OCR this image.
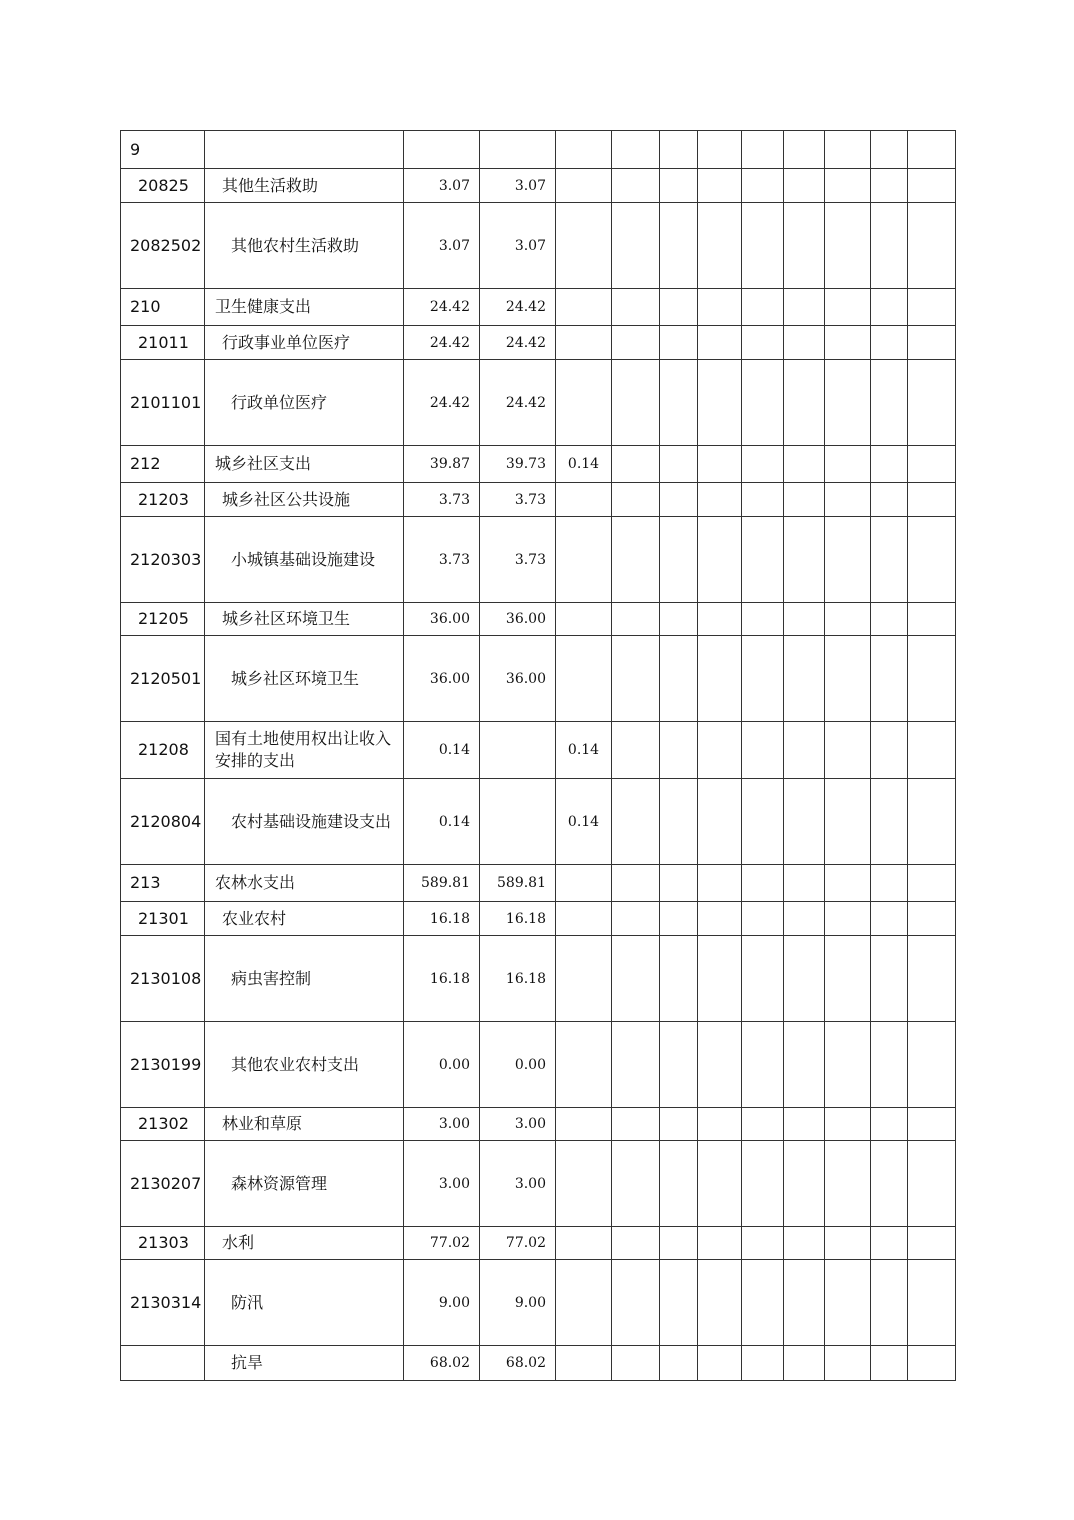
9												
20825	其他生活救助	3.07	3.07									
2082502	其他农村生活救助	3.07	3.07									
210	卫生健康支出	24.42	24.42									
21011	行政事业单位医疗	24.42	24.42									
2101101	行政单位医疗	24.42	24.42									
212	城乡社区支出	39.87	39.73	0.14								
21203	城乡社区公共设施	3.73	3.73									
2120303	小城镇基础设施建设	3.73	3.73									
21205	城乡社区环境卫生	36.00	36.00									
2120501	城乡社区环境卫生	36.00	36.00									
21208	国有土地使用权出让收入安排的支出	0.14		0.14								
2120804	农村基础设施建设支出	0.14		0.14								
213	农林水支出	589.81	589.81									
21301	农业农村	16.18	16.18									
2130108	病虫害控制	16.18	16.18									
2130199	其他农业农村支出	0.00	0.00									
21302	林业和草原	3.00	3.00									
2130207	森林资源管理	3.00	3.00									
21303	水利	77.02	77.02									
2130314	防汛	9.00	9.00									
	抗旱	68.02	68.02									
